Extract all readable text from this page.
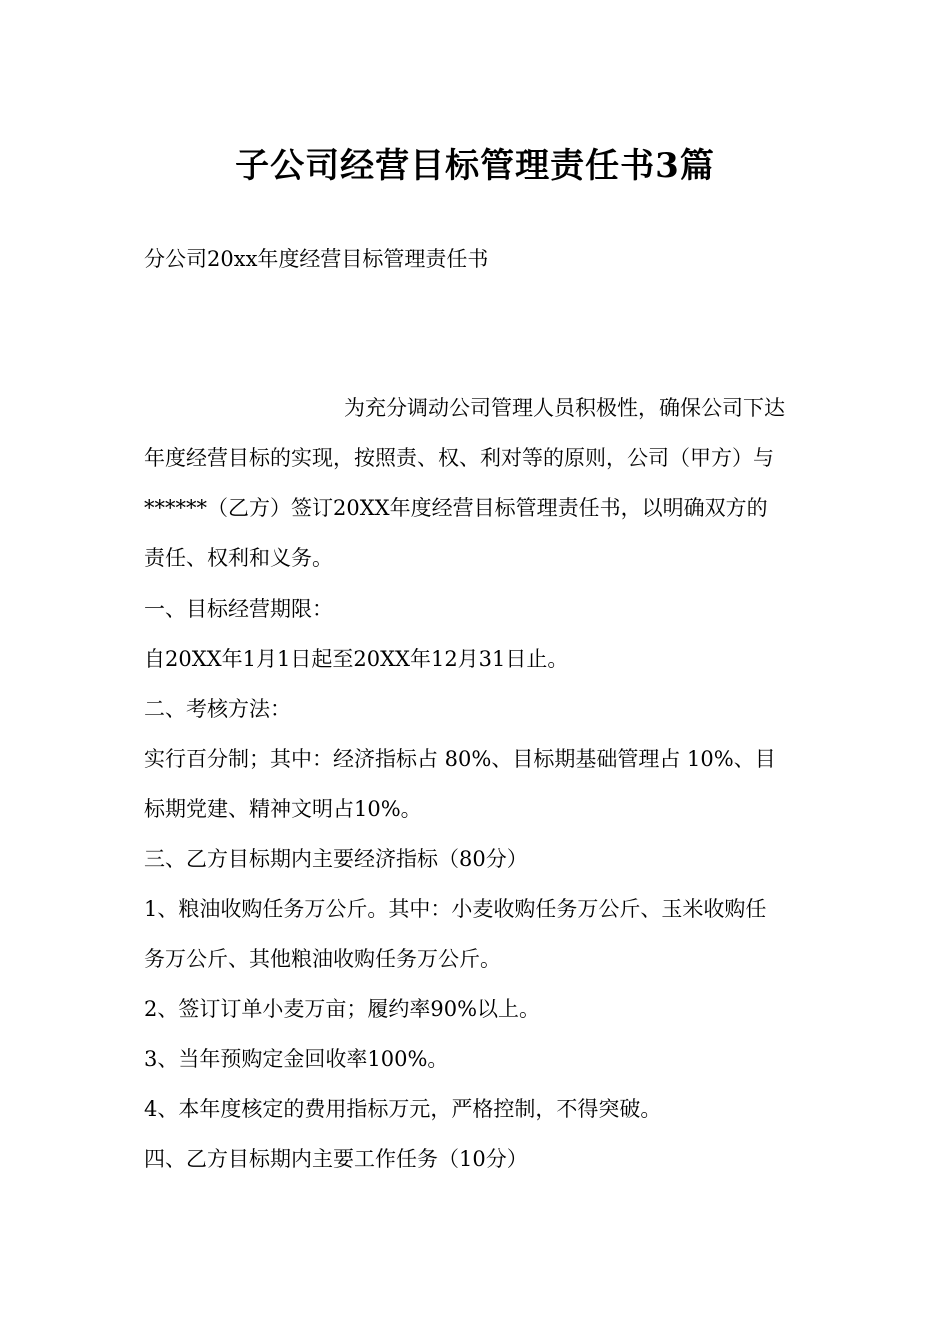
子公司经营目标管理责任书3篇

分公司20xx年度经营目标管理责任书

为充分调动公司管理人员积极性，确保公司下达

年度经营目标的实现，按照责、权、利对等的原则，公司（甲方）与

******（乙方）签订20XX年度经营目标管理责任书，以明确双方的

责任、权利和义务。

一、目标经营期限：

自20XX年1月1日起至20XX年12月31日止。

二、考核方法：

实行百分制；其中：经济指标占 80%、目标期基础管理占 10%、目

标期党建、精神文明占10%。

三、乙方目标期内主要经济指标（80分）

1、粮油收购任务万公斤。其中：小麦收购任务万公斤、玉米收购任

务万公斤、其他粮油收购任务万公斤。

2、签订订单小麦万亩；履约率90%以上。

3、当年预购定金回收率100%。

4、本年度核定的费用指标万元，严格控制，不得突破。

四、乙方目标期内主要工作任务（10分）
